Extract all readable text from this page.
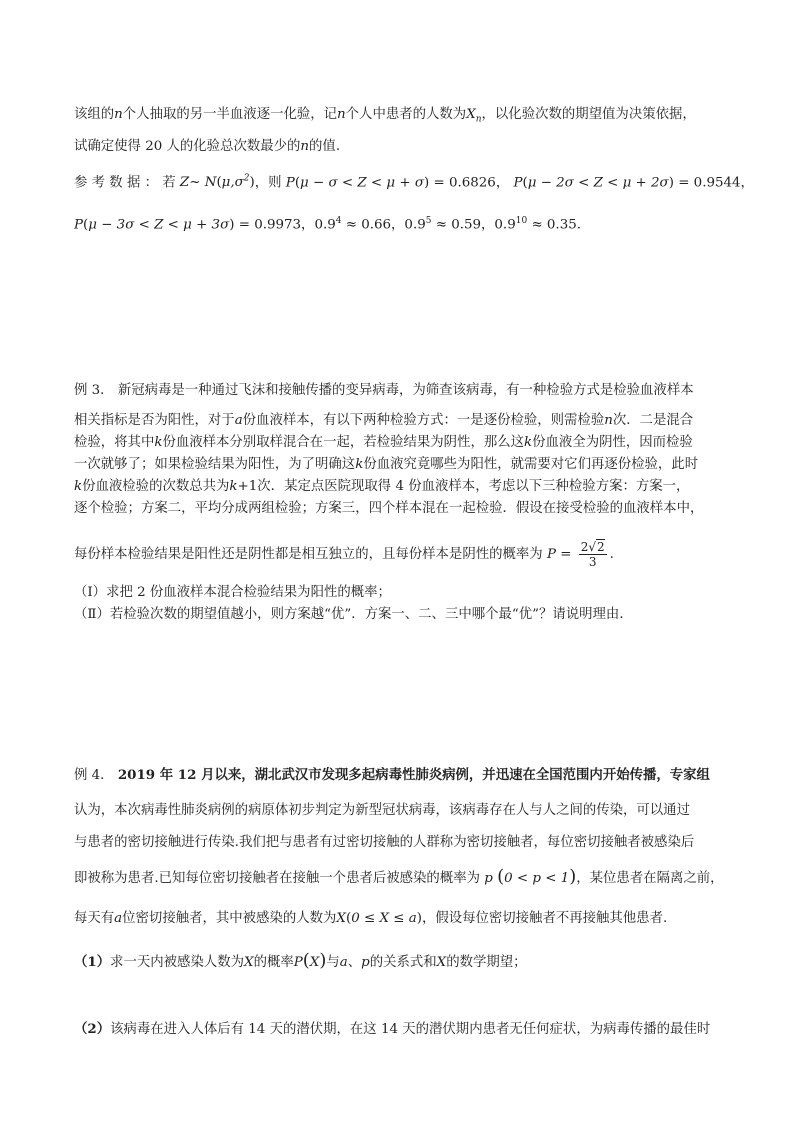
该组的n个人抽取的另一半血液逐一化验，记n个人中患者的人数为$X_n$，以化验次数的期望值为决策依据，
试确定使得 20 人的化验总次数最少的n的值.
参 考 数 据 ： 若 Z~ $N(\mu,\sigma^2)$，则 P(μ − σ < Z < μ + σ) = 0.6826， P(μ − 2σ < Z < μ + 2σ) = 0.9544，
P(μ − 3σ < Z < μ + 3σ) = 0.9973，$0.9^4 \approx 0.66$，$0.9^5 \approx 0.59$，$0.9^{10} \approx 0.35$.
例 3． 新冠病毒是一种通过飞沫和接触传播的变异病毒，为筛查该病毒，有一种检验方式是检验血液样本
相关指标是否为阳性，对于a份血液样本，有以下两种检验方式：一是逐份检验，则需检验n次．二是混合
检验，将其中k份血液样本分别取样混合在一起，若检验结果为阴性，那么这k份血液全为阴性，因而检验
一次就够了；如果检验结果为阳性，为了明确这k份血液究竟哪些为阳性，就需要对它们再逐份检验，此时
k份血液检验的次数总共为k+1次．某定点医院现取得 4 份血液样本，考虑以下三种检验方案：方案一，
逐个检验；方案二，平均分成两组检验；方案三，四个样本混在一起检验．假设在接受检验的血液样本中，
每份样本检验结果是阳性还是阴性都是相互独立的，且每份样本是阴性的概率为 $P = \frac{2√2}{3}$ .
（Ⅰ）求把 2 份血液样本混合检验结果为阳性的概率；
（Ⅱ）若检验次数的期望值越小，则方案越“优”．方案一、二、三中哪个最“优”？请说明理由．
例 4． 2019 年 12 月以来，湖北武汉市发现多起病毒性肺炎病例，并迅速在全国范围内开始传播，专家组
认为，本次病毒性肺炎病例的病原体初步判定为新型冠状病毒，该病毒存在人与人之间的传染，可以通过
与患者的密切接触进行传染.我们把与患者有过密切接触的人群称为密切接触者，每位密切接触者被感染后
即被称为患者.已知每位密切接触者在接触一个患者后被感染的概率为 p (0 < p < 1)，某位患者在隔离之前，
每天有a位密切接触者，其中被感染的人数为X(0 ≤ X ≤ a)，假设每位密切接触者不再接触其他患者.
（1）求一天内被感染人数为X的概率P(X)与a、p的关系式和X的数学期望；
（2）该病毒在进入人体后有 14 天的潜伏期，在这 14 天的潜伏期内患者无任何症状，为病毒传播的最佳时
